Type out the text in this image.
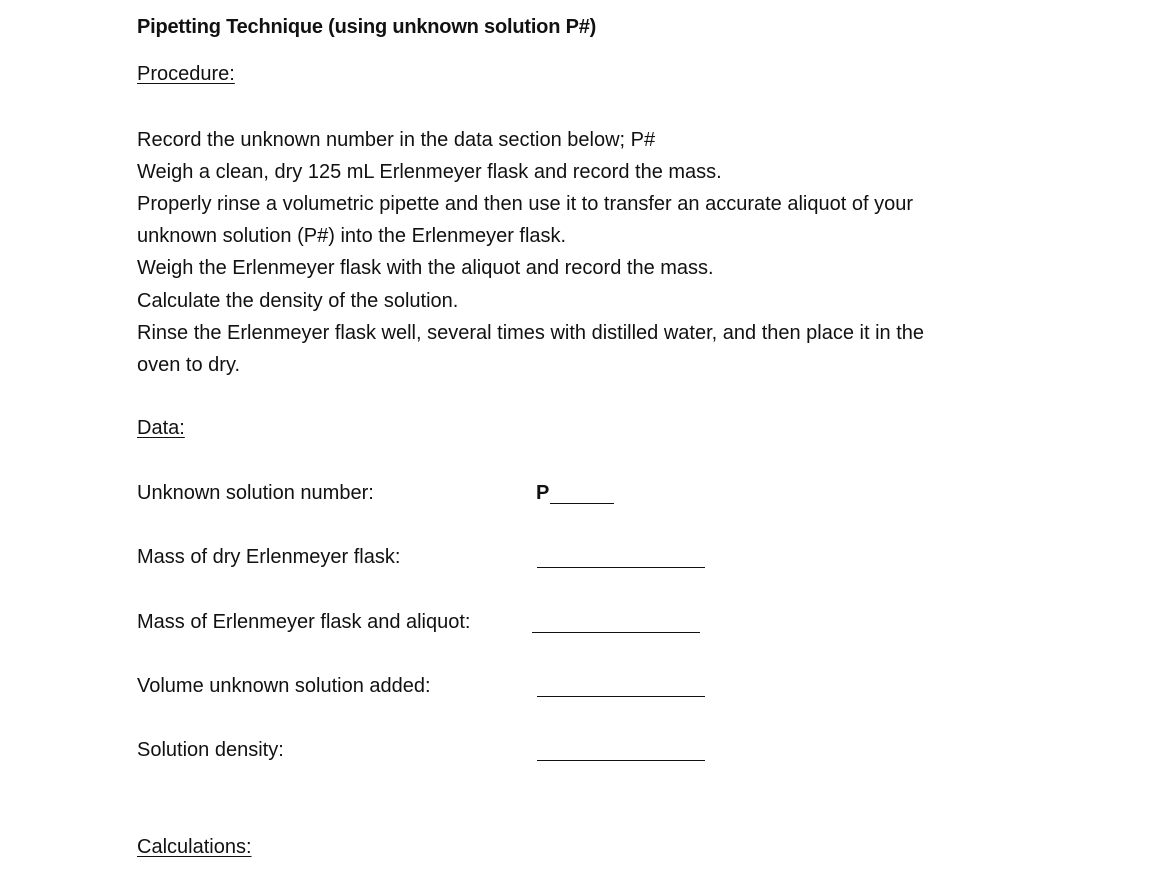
Pipetting Technique (using unknown solution P#)
Procedure:
Record the unknown number in the data section below; P#
Weigh a clean, dry 125 mL Erlenmeyer flask and record the mass.
Properly rinse a volumetric pipette and then use it to transfer an accurate aliquot of your
unknown solution (P#) into the Erlenmeyer flask.
Weigh the Erlenmeyer flask with the aliquot and record the mass.
Calculate the density of the solution.
Rinse the Erlenmeyer flask well, several times with distilled water, and then place it in the
oven to dry.
Data:
Unknown solution number:	P
Mass of dry Erlenmeyer flask:
Mass of Erlenmeyer flask and aliquot:
Volume unknown solution added:
Solution density:
Calculations:
